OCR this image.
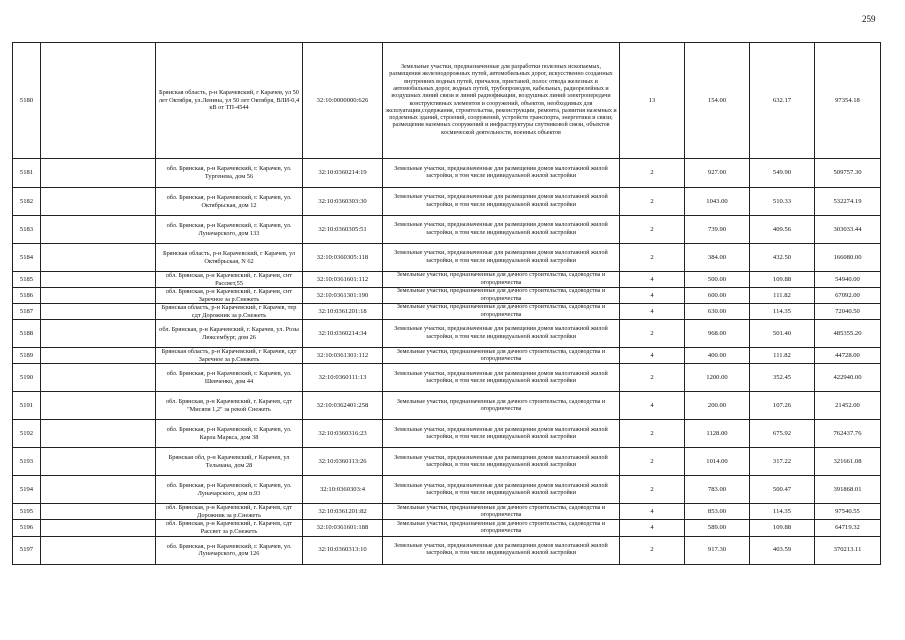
259
5180		Брянская область, р-н Карачевский, г Карачев, ул 50 лет Октября, ул.Ленина, ул 50 лет Октября, ВЛИ-0,4 кВ от ТП-4544	32:10:0000000:626	Земельные участки, предназначенные для разработки полезных ископаемых, размещения железнодорожных путей, автомобильных дорог, искусственно созданных внутренних водных путей, причалов, пристаней, полос отвода железных и автомобильных дорог, водных путей, трубопроводов, кабельных, радиорелейных и воздушных линий связи и линий радиофикации, воздушных линий электропередачи конструктивных элементов и сооружений, объектов, необходимых для эксплуатации,содержания, строительства, реконструкции, ремонта, развития наземных и подземных зданий, строений, сооружений, устройств транспорта, энергетики и связи; размещения наземных сооружений и инфраструктуры спутниковой связи, объектов космической деятельности, военных объектов	13	154.00	632.17	97354.18
5181		обл. Брянская, р-н Карачевский, г. Карачев, ул. Тургенева, дом 56	32:10:0360214:19	Земельные участки, предназначенные для размещения домов малоэтажной жилой застройки, в том числе индивидуальной жилой застройки	2	927.00	549.90	509757.30
5182		обл. Брянская, р-н Карачевский, г. Карачев, ул. Октябрьская, дом 12	32:10:0360303:30	Земельные участки, предназначенные для размещения домов малоэтажной жилой застройки, в том числе индивидуальной жилой застройки	2	1043.00	510.33	532274.19
5183		обл. Брянская, р-н Карачевский, г. Карачев, ул. Луначарского, дом 133	32:10:0360305:51	Земельные участки, предназначенные для размещения домов малоэтажной жилой застройки, в том числе индивидуальной жилой застройки	2	739.90	409.56	303033.44
5184		Брянская область, р-н Карачевский, г Карачев, ул Октябрьская, N 62	32:10:0360305:118	Земельные участки, предназначенные для размещения домов малоэтажной жилой застройки, в том числе индивидуальной жилой застройки	2	384.00	432.50	166080.00
5185		обл. Брянская, р-н Карачевский, г. Карачев, снт Рассвет,55	32:10:0361601:112	Земельные участки, предназначенные для дачного строительства, садоводства и огородничества	4	500.00	109.88	54940.00
5186		обл. Брянская, р-н Карачевский, г. Карачев, снт Заречное за р.Снежеть	32:10:0361301:190	Земельные участки, предназначенные для дачного строительства, садоводства и огородничества	4	600.00	111.82	67092.00
5187		Брянская область, р-н Карачевский, г Карачев, тер сдт Дорожник за р.Снежеть	32:10:0361201:18	Земельные участки, предназначенные для дачного строительства, садоводства и огородничества	4	630.00	114.35	72040.50
5188		обл. Брянская, р-н Карачевский, г. Карачев, ул. Розы Люксембург, дом 26	32:10:0360214:34	Земельные участки, предназначенные для размещения домов малоэтажной жилой застройки, в том числе индивидуальной жилой застройки	2	968.00	501.40	485355.20
5189		Брянская область, р-н Карачевский, г Карачев, сдт Заречное за р.Снежеть	32:10:0361301:112	Земельные участки, предназначенные для дачного строительства, садоводства и огородничества	4	400.00	111.82	44728.00
5190		обл. Брянская, р-н Карачевский, г. Карачев, ул. Шевченко, дом 44	32:10:0360111:13	Земельные участки, предназначенные для размещения домов малоэтажной жилой застройки, в том числе индивидуальной жилой застройки	2	1200.00	352.45	422940.00
5191		обл. Брянская, р-н Карачевский, г. Карачев, сдт "Мисяпя 1,2" за рекой Снежеть	32:10:0362401:258	Земельные участки, предназначенные для дачного строительства, садоводства и огородничества	4	200.00	107.26	21452.00
5192		обл. Брянская, р-н Карачевский, г. Карачев, ул. Карла Маркса, дом 38	32:10:0360316:23	Земельные участки, предназначенные для размещения домов малоэтажной жилой застройки, в том числе индивидуальной жилой застройки	2	1128.00	675.92	762437.76
5193		Брянская обл, р-н Карачевский, г Карачев, ул Тельмана, дом 28	32:10:0360113:26	Земельные участки, предназначенные для размещения домов малоэтажной жилой застройки, в том числе индивидуальной жилой застройки	2	1014.00	317.22	321661.08
5194		обл. Брянская, р-н Карачевский, г. Карачев, ул. Луначарского, дом п.93	32:10:0360303:4	Земельные участки, предназначенные для размещения домов малоэтажной жилой застройки, в том числе индивидуальной жилой застройки	2	783.00	500.47	391868.01
5195		обл. Брянская, р-н Карачевский, г. Карачев, сдт Дорожник за р.Снежеть	32:10:0361201:82	Земельные участки, предназначенные для дачного строительства, садоводства и огородничества	4	853.00	114.35	97540.55
5196		обл. Брянская, р-н Карачевский, г. Карачев, сдт Рассвет за р.Снежеть	32:10:0361601:188	Земельные участки, предназначенные для дачного строительства, садоводства и огородничества	4	589.00	109.88	64719.32
5197		обл. Брянская, р-н Карачевский, г. Карачев, ул. Луначарского, дом 126	32:10:0360313:10	Земельные участки, предназначенные для размещения домов малоэтажной жилой застройки, в том числе индивидуальной жилой застройки	2	917.30	403.59	370213.11
